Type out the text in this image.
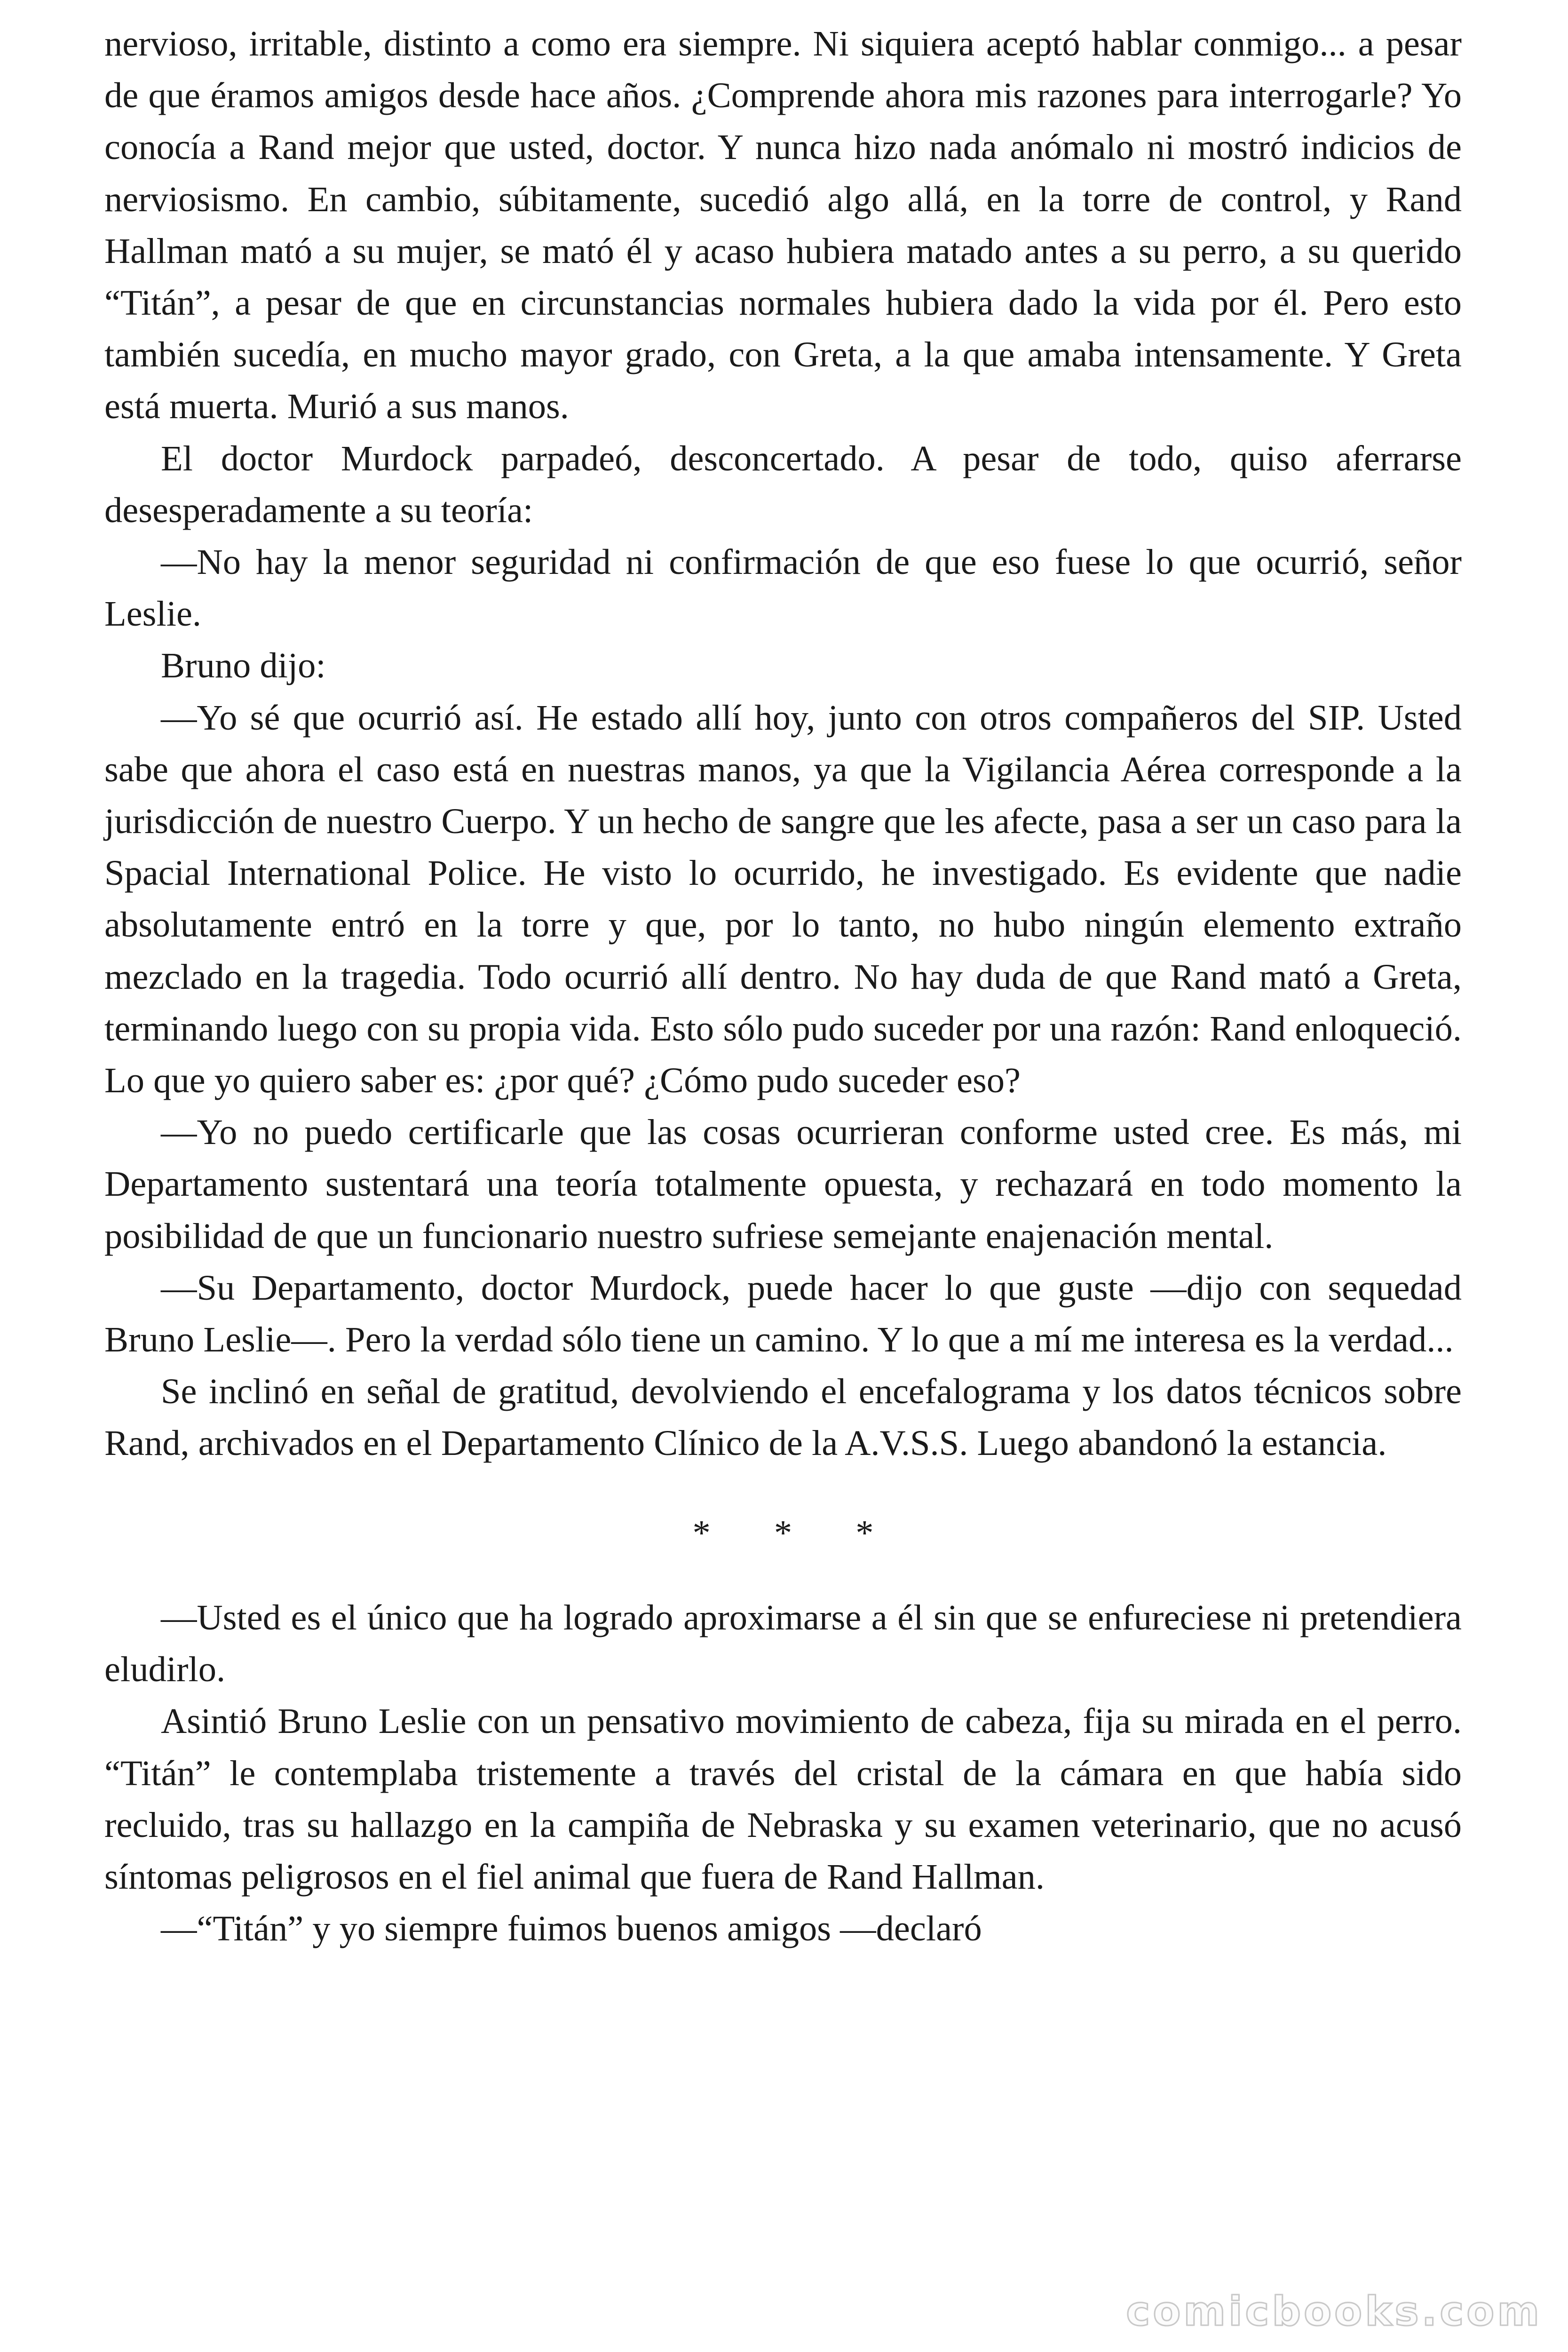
nervioso, irritable, distinto a como era siempre. Ni siquiera aceptó hablar conmigo... a pesar de que éramos amigos desde hace años. ¿Comprende ahora mis razones para interrogarle? Yo conocía a Rand mejor que usted, doctor. Y nunca hizo nada anómalo ni mostró indicios de nerviosismo. En cambio, súbitamente, sucedió algo allá, en la torre de control, y Rand Hallman mató a su mujer, se mató él y acaso hubiera matado antes a su perro, a su querido “Titán”, a pesar de que en circunstancias normales hubiera dado la vida por él. Pero esto también sucedía, en mucho mayor grado, con Greta, a la que amaba intensamente. Y Greta está muerta. Murió a sus manos.

El doctor Murdock parpadeó, desconcertado. A pesar de todo, quiso aferrarse desesperadamente a su teoría:

—No hay la menor seguridad ni confirmación de que eso fuese lo que ocurrió, señor Leslie.

Bruno dijo:

—Yo sé que ocurrió así. He estado allí hoy, junto con otros compañeros del SIP. Usted sabe que ahora el caso está en nuestras manos, ya que la Vigilancia Aérea corresponde a la jurisdicción de nuestro Cuerpo. Y un hecho de sangre que les afecte, pasa a ser un caso para la Spacial International Police. He visto lo ocurrido, he investigado. Es evidente que nadie absolutamente entró en la torre y que, por lo tanto, no hubo ningún elemento extraño mezclado en la tragedia. Todo ocurrió allí dentro. No hay duda de que Rand mató a Greta, terminando luego con su propia vida. Esto sólo pudo suceder por una razón: Rand enloqueció. Lo que yo quiero saber es: ¿por qué? ¿Cómo pudo suceder eso?

—Yo no puedo certificarle que las cosas ocurrieran conforme usted cree. Es más, mi Departamento sustentará una teoría totalmente opuesta, y rechazará en todo momento la posibilidad de que un funcionario nuestro sufriese semejante enajenación mental.

—Su Departamento, doctor Murdock, puede hacer lo que guste —dijo con sequedad Bruno Leslie—. Pero la verdad sólo tiene un camino. Y lo que a mí me interesa es la verdad...

Se inclinó en señal de gratitud, devolviendo el encefalograma y los datos técnicos sobre Rand, archivados en el Departamento Clínico de la A.V.S.S. Luego abandonó la estancia.

* * *

—Usted es el único que ha logrado aproximarse a él sin que se enfureciese ni pretendiera eludirlo.

Asintió Bruno Leslie con un pensativo movimiento de cabeza, fija su mirada en el perro. “Titán” le contemplaba tristemente a través del cristal de la cámara en que había sido recluido, tras su hallazgo en la campiña de Nebraska y su examen veterinario, que no acusó síntomas peligrosos en el fiel animal que fuera de Rand Hallman.

—“Titán” y yo siempre fuimos buenos amigos —declaró

comicbooks.com
